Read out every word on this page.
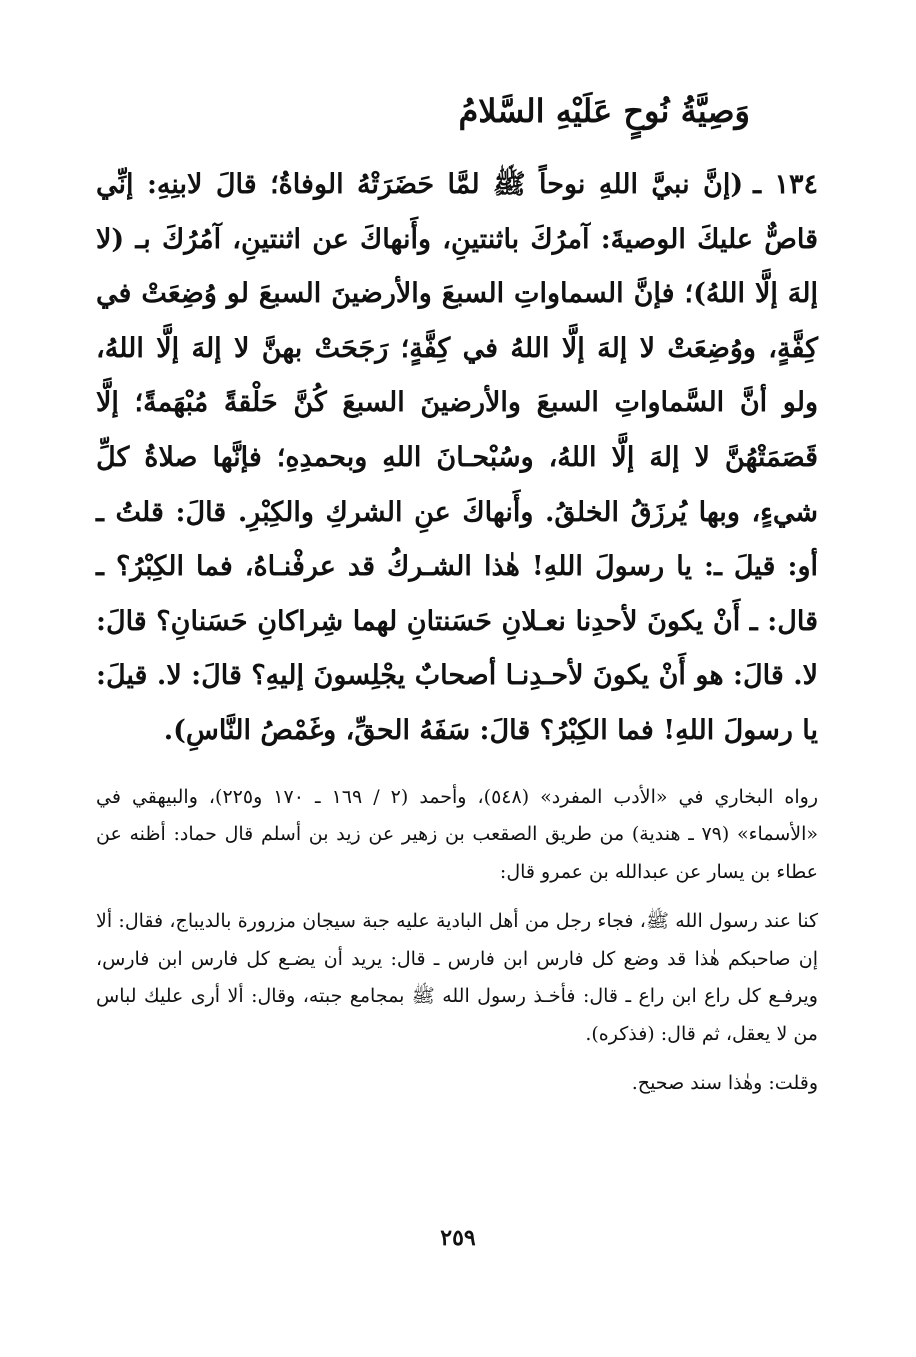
وَصِيَّةُ نُوحٍ عَلَيْهِ السَّلامُ

١٣٤ ـ(إنَّ نبيَّ اللهِ نوحاً ﷺ لمَّا حَضَرَتْهُ الوفاةُ؛ قالَ لابنِهِ: إنِّي قاصٌّ عليكَ الوصيةَ: آمرُكَ باثنتينِ، وأَنهاكَ عن اثنتينِ، آمُرُكَ بـ (لا إلهَ إلَّا اللهُ)؛ فإنَّ السماواتِ السبعَ والأرضينَ السبعَ لو وُضِعَتْ في كِفَّةٍ، ووُضِعَتْ لا إلهَ إلَّا اللهُ في كِفَّةٍ؛ رَجَحَتْ بهنَّ لا إلهَ إلَّا اللهُ، ولو أنَّ السَّماواتِ السبعَ والأرضينَ السبعَ كُنَّ حَلْقةً مُبْهَمةً؛ إلَّا قَصَمَتْهُنَّ لا إلهَ إلَّا اللهُ، وسُبْحـانَ اللهِ وبحمدِهِ؛ فإنَّها صلاةُ كلِّ شيءٍ، وبها يُرزَقُ الخلقُ. وأَنهاكَ عنِ الشركِ والكِبْرِ. قالَ: قلتُ ـ أو: قيلَ ـ: يا رسولَ اللهِ! هٰذا الشـركُ قد عرفْنـاهُ، فما الكِبْرُ؟ ـ قال: ـ أَنْ يكونَ لأحدِنا نعـلانِ حَسَنتانِ لهما شِراكانِ حَسَنانِ؟ قالَ: لا. قالَ: هو أَنْ يكونَ لأحـدِنـا أصحابٌ يجْلِسونَ إليهِ؟ قالَ: لا. قيلَ: يا رسولَ اللهِ! فما الكِبْرُ؟ قالَ: سَفَهُ الحقِّ، وغَمْصُ النَّاسِ).

رواه البخاري في «الأدب المفرد» (٥٤٨)، وأحمد (٢ / ١٦٩ ـ ١٧٠ و٢٢٥)، والبيهقي في «الأسماء» (٧٩ ـ هندية) من طريق الصقعب بن زهير عن زيد بن أسلم قال حماد: أظنه عن عطاء بن يسار عن عبدالله بن عمرو قال:

كنا عند رسول الله ﷺ، فجاء رجل من أهل البادية عليه جبة سيجان مزرورة بالديباج، فقال: ألا إن صاحبكم هٰذا قد وضع كل فارس ابن فارس ـ قال: يريد أن يضـع كل فارس ابن فارس، ويرفـع كل راع ابن راع ـ قال: فأخـذ رسول الله ﷺ بمجامع جبته، وقال: ألا أرى عليك لباس من لا يعقل، ثم قال: (فذكره).

وقلت: وهٰذا سند صحيح.

٢٥٩
